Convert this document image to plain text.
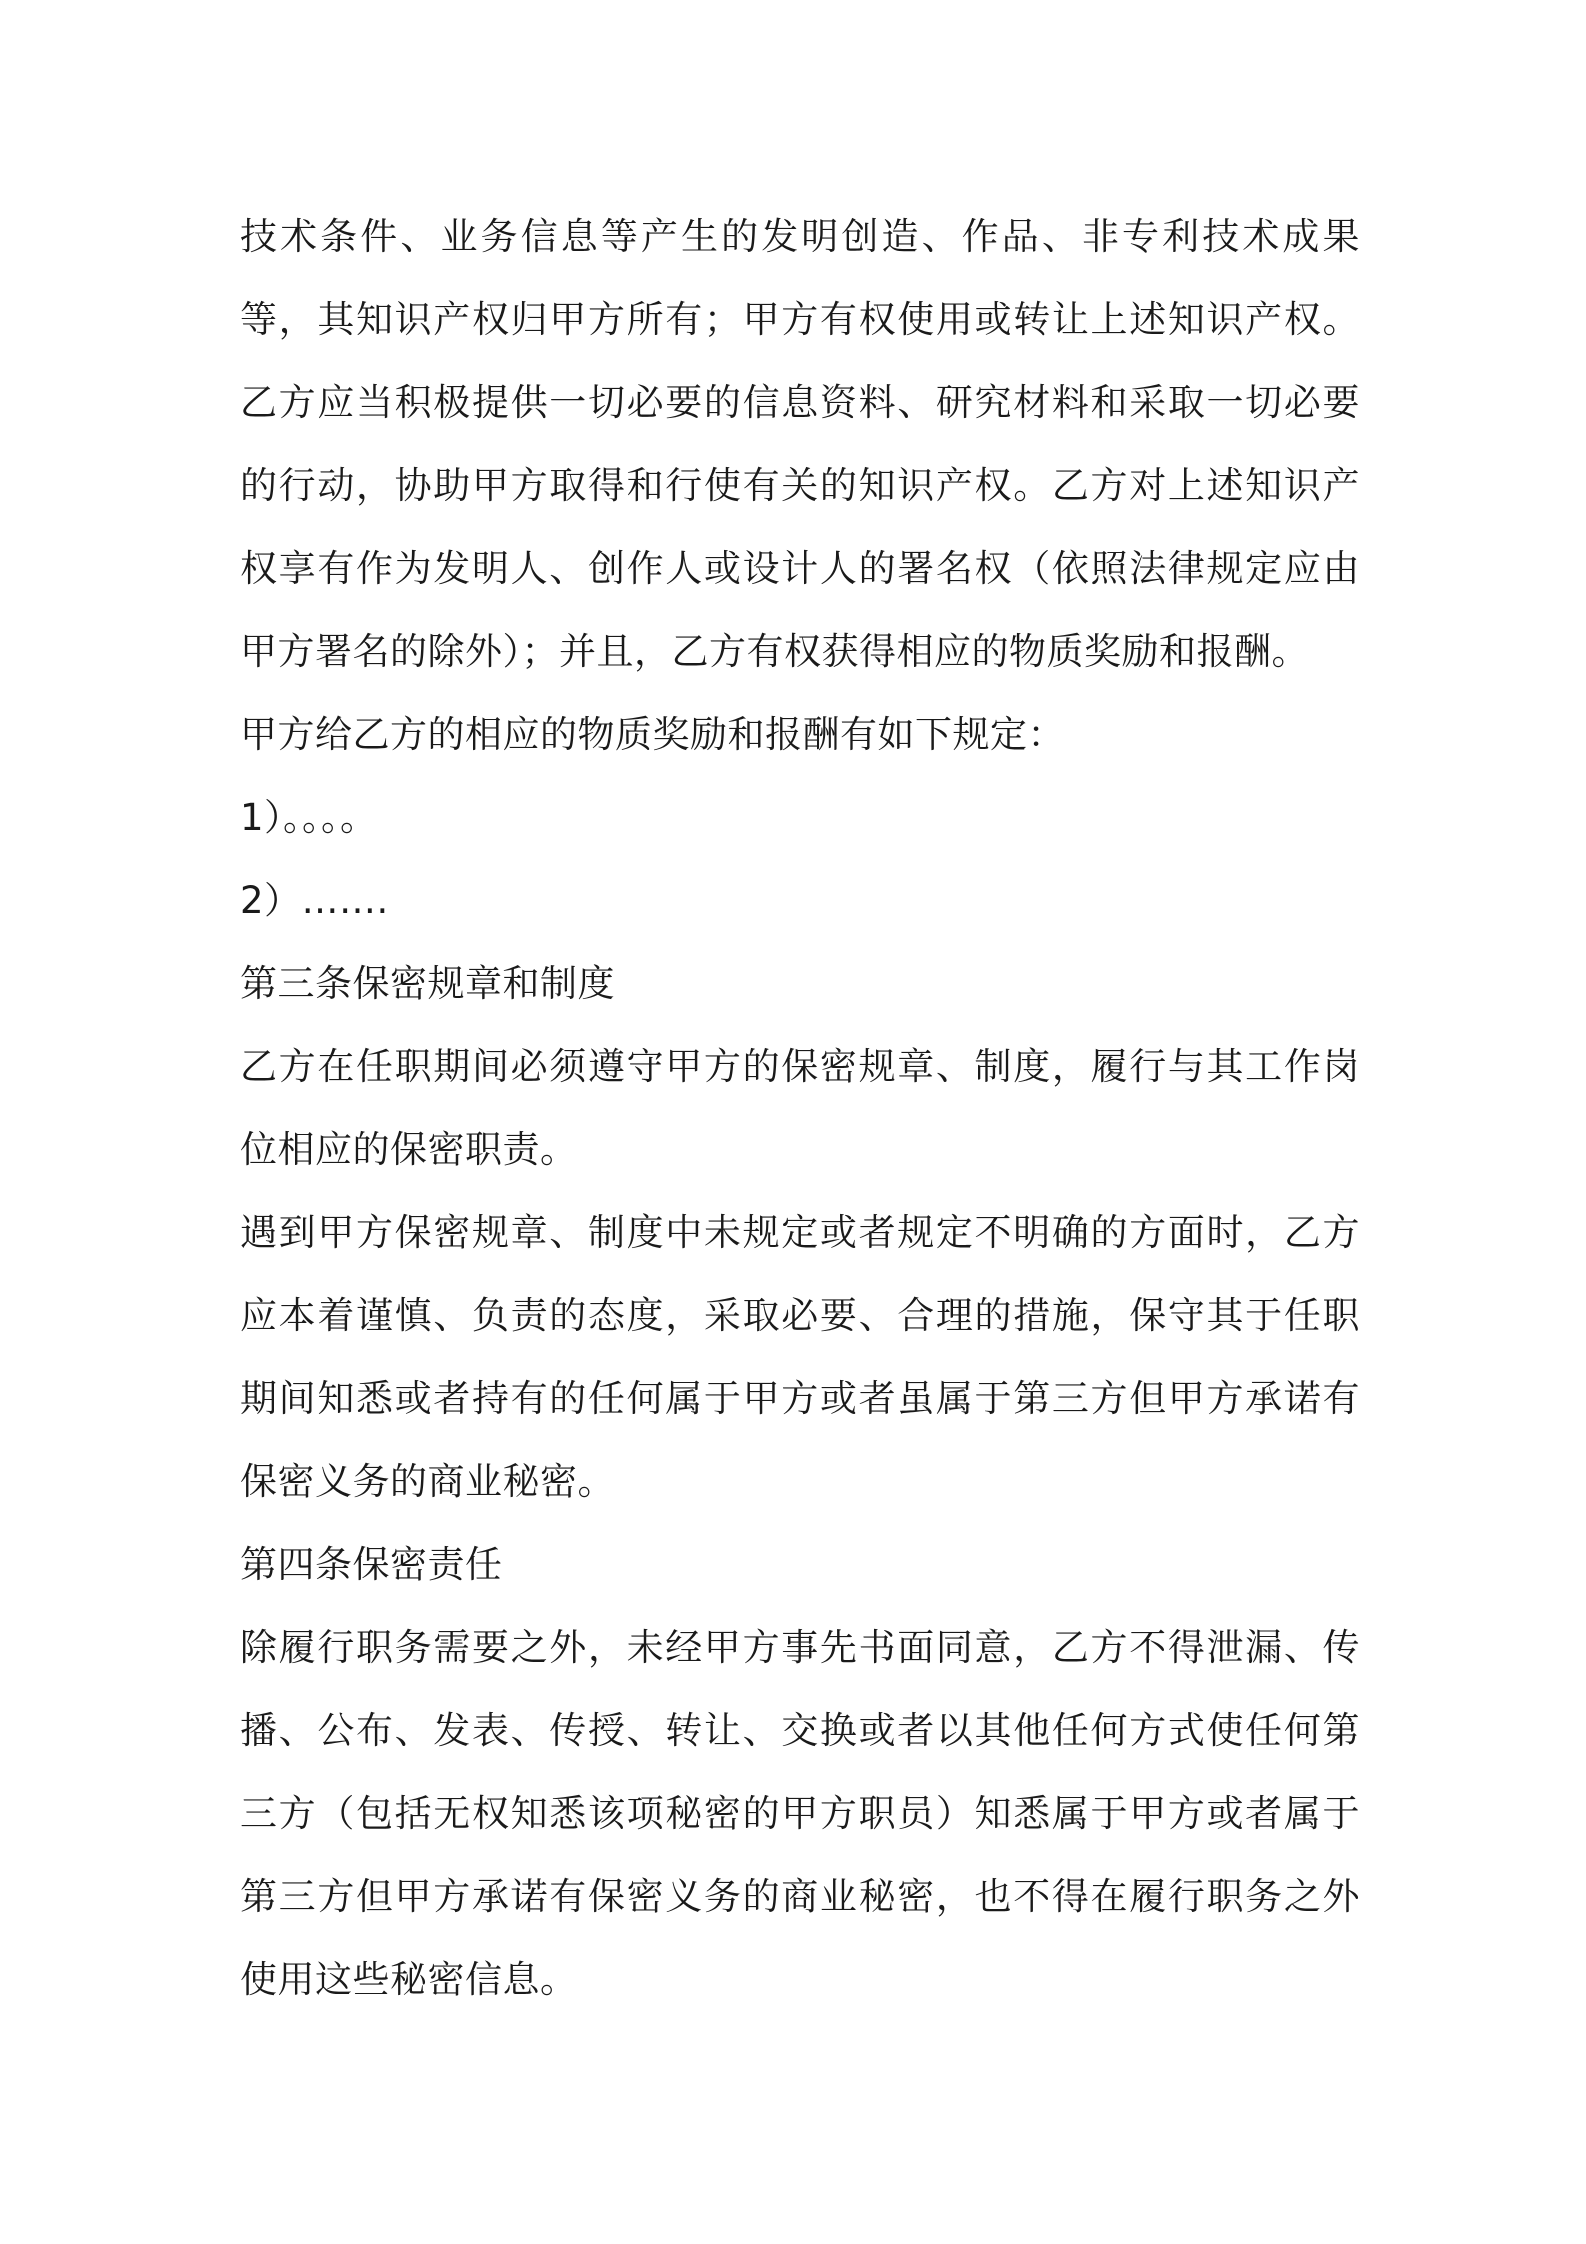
技术条件、业务信息等产生的发明创造、作品、非专利技术成果等，其知识产权归甲方所有；甲方有权使用或转让上述知识产权。乙方应当积极提供一切必要的信息资料、研究材料和采取一切必要的行动，协助甲方取得和行使有关的知识产权。乙方对上述知识产权享有作为发明人、创作人或设计人的署名权（依照法律规定应由甲方署名的除外）；并且，乙方有权获得相应的物质奖励和报酬。

甲方给乙方的相应的物质奖励和报酬有如下规定：

1）。。。。

2）…….

第三条保密规章和制度

乙方在任职期间必须遵守甲方的保密规章、制度，履行与其工作岗位相应的保密职责。

遇到甲方保密规章、制度中未规定或者规定不明确的方面时，乙方应本着谨慎、负责的态度，采取必要、合理的措施，保守其于任职期间知悉或者持有的任何属于甲方或者虽属于第三方但甲方承诺有保密义务的商业秘密。

第四条保密责任

除履行职务需要之外，未经甲方事先书面同意，乙方不得泄漏、传播、公布、发表、传授、转让、交换或者以其他任何方式使任何第三方（包括无权知悉该项秘密的甲方职员）知悉属于甲方或者属于第三方但甲方承诺有保密义务的商业秘密，也不得在履行职务之外使用这些秘密信息。
